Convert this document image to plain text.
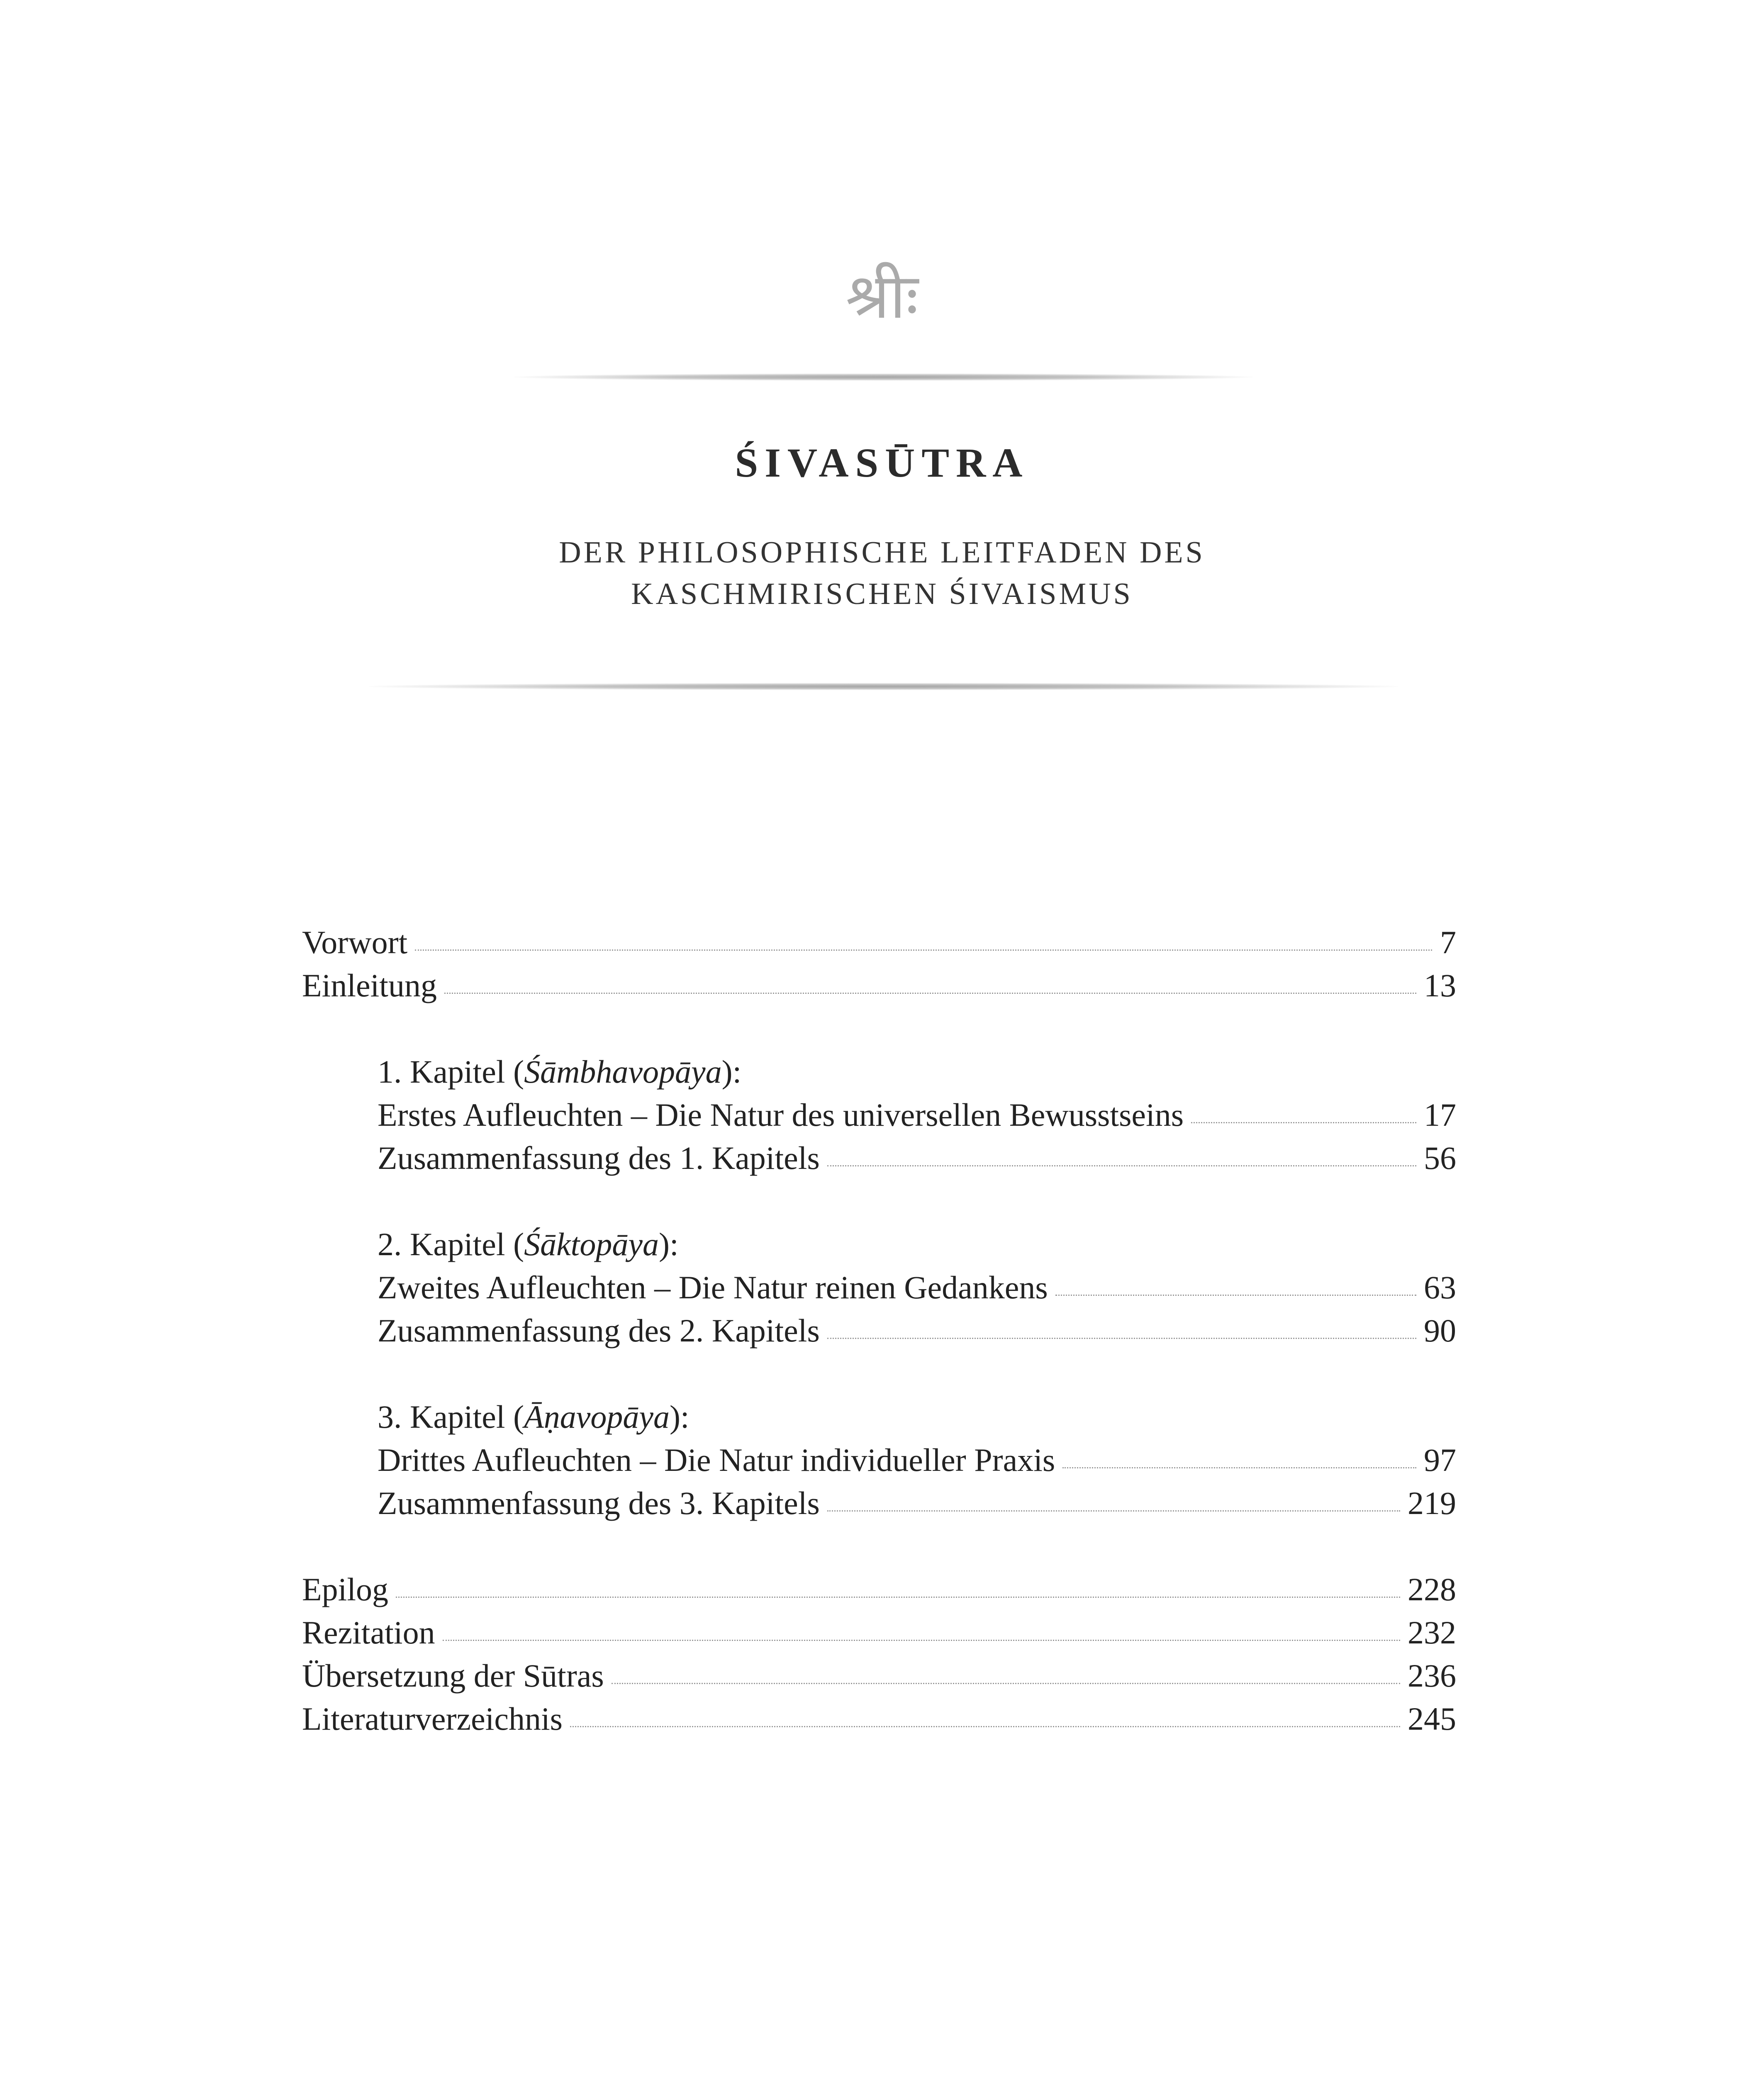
श्रीः
ŚIVASŪTRA
DER PHILOSOPHISCHE LEITFADEN DES
KASCHMIRISCHEN ŚIVAISMUS
Vorwort	7
Einleitung	13
1. Kapitel (Śāmbhavopāya):
Erstes Aufleuchten – Die Natur des universellen Bewusstseins	17
Zusammenfassung des 1. Kapitels	56
2. Kapitel (Śāktopāya):
Zweites Aufleuchten – Die Natur reinen Gedankens	63
Zusammenfassung des 2. Kapitels	90
3. Kapitel (Āṇavopāya):
Drittes Aufleuchten – Die Natur individueller Praxis	97
Zusammenfassung des 3. Kapitels	219
Epilog	228
Rezitation	232
Übersetzung der Sūtras	236
Literaturverzeichnis	245
